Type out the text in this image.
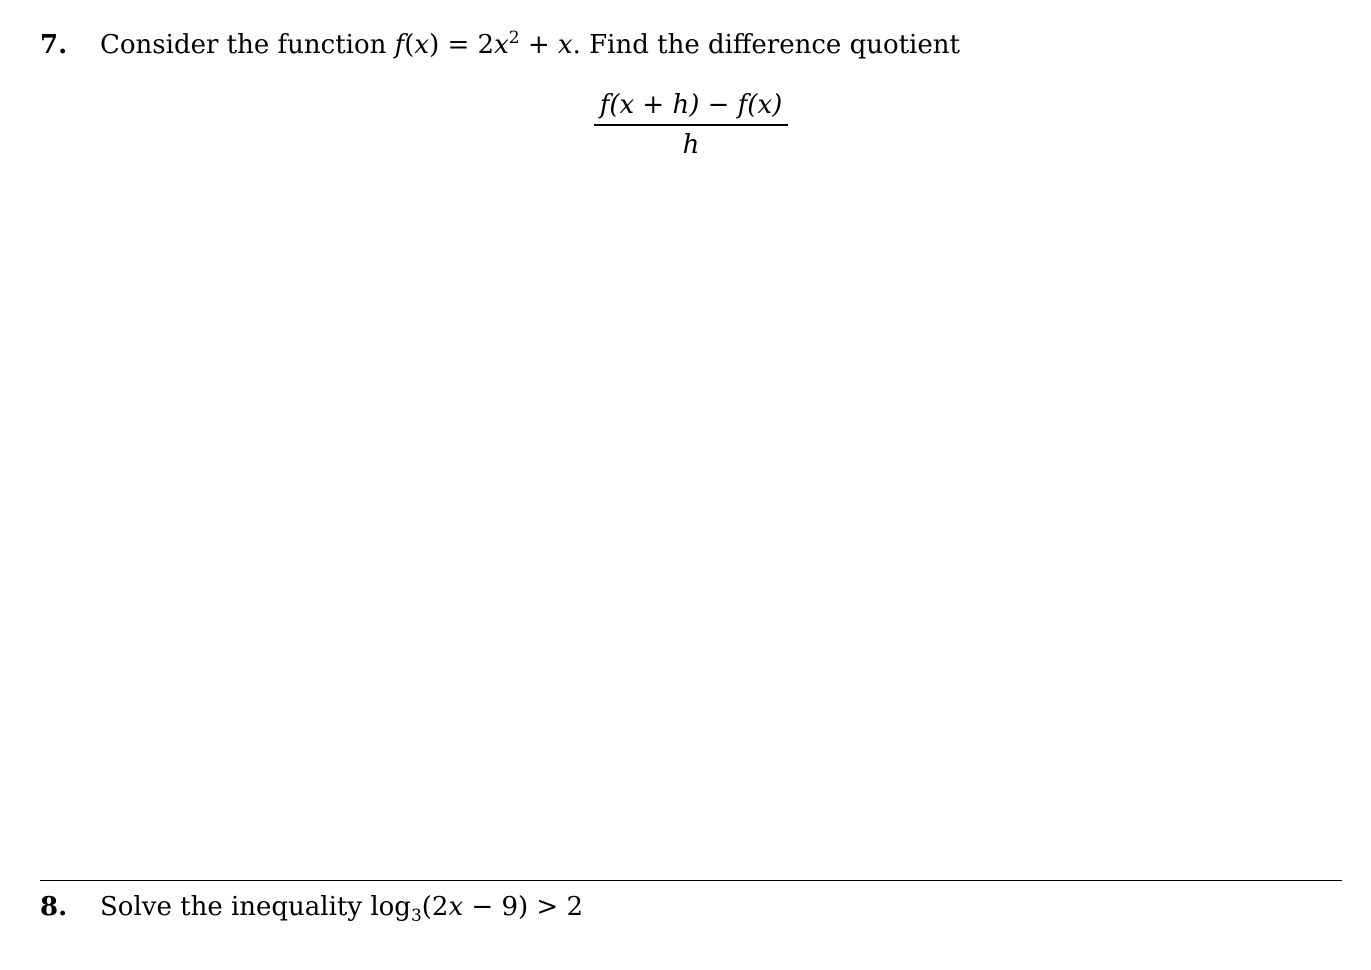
7. Consider the function $f(x) = 2x^2 + x$. Find the difference quotient
f(x + h) − f(x)
h
8. Solve the inequality $\log_3(2x - 9) > 2$
